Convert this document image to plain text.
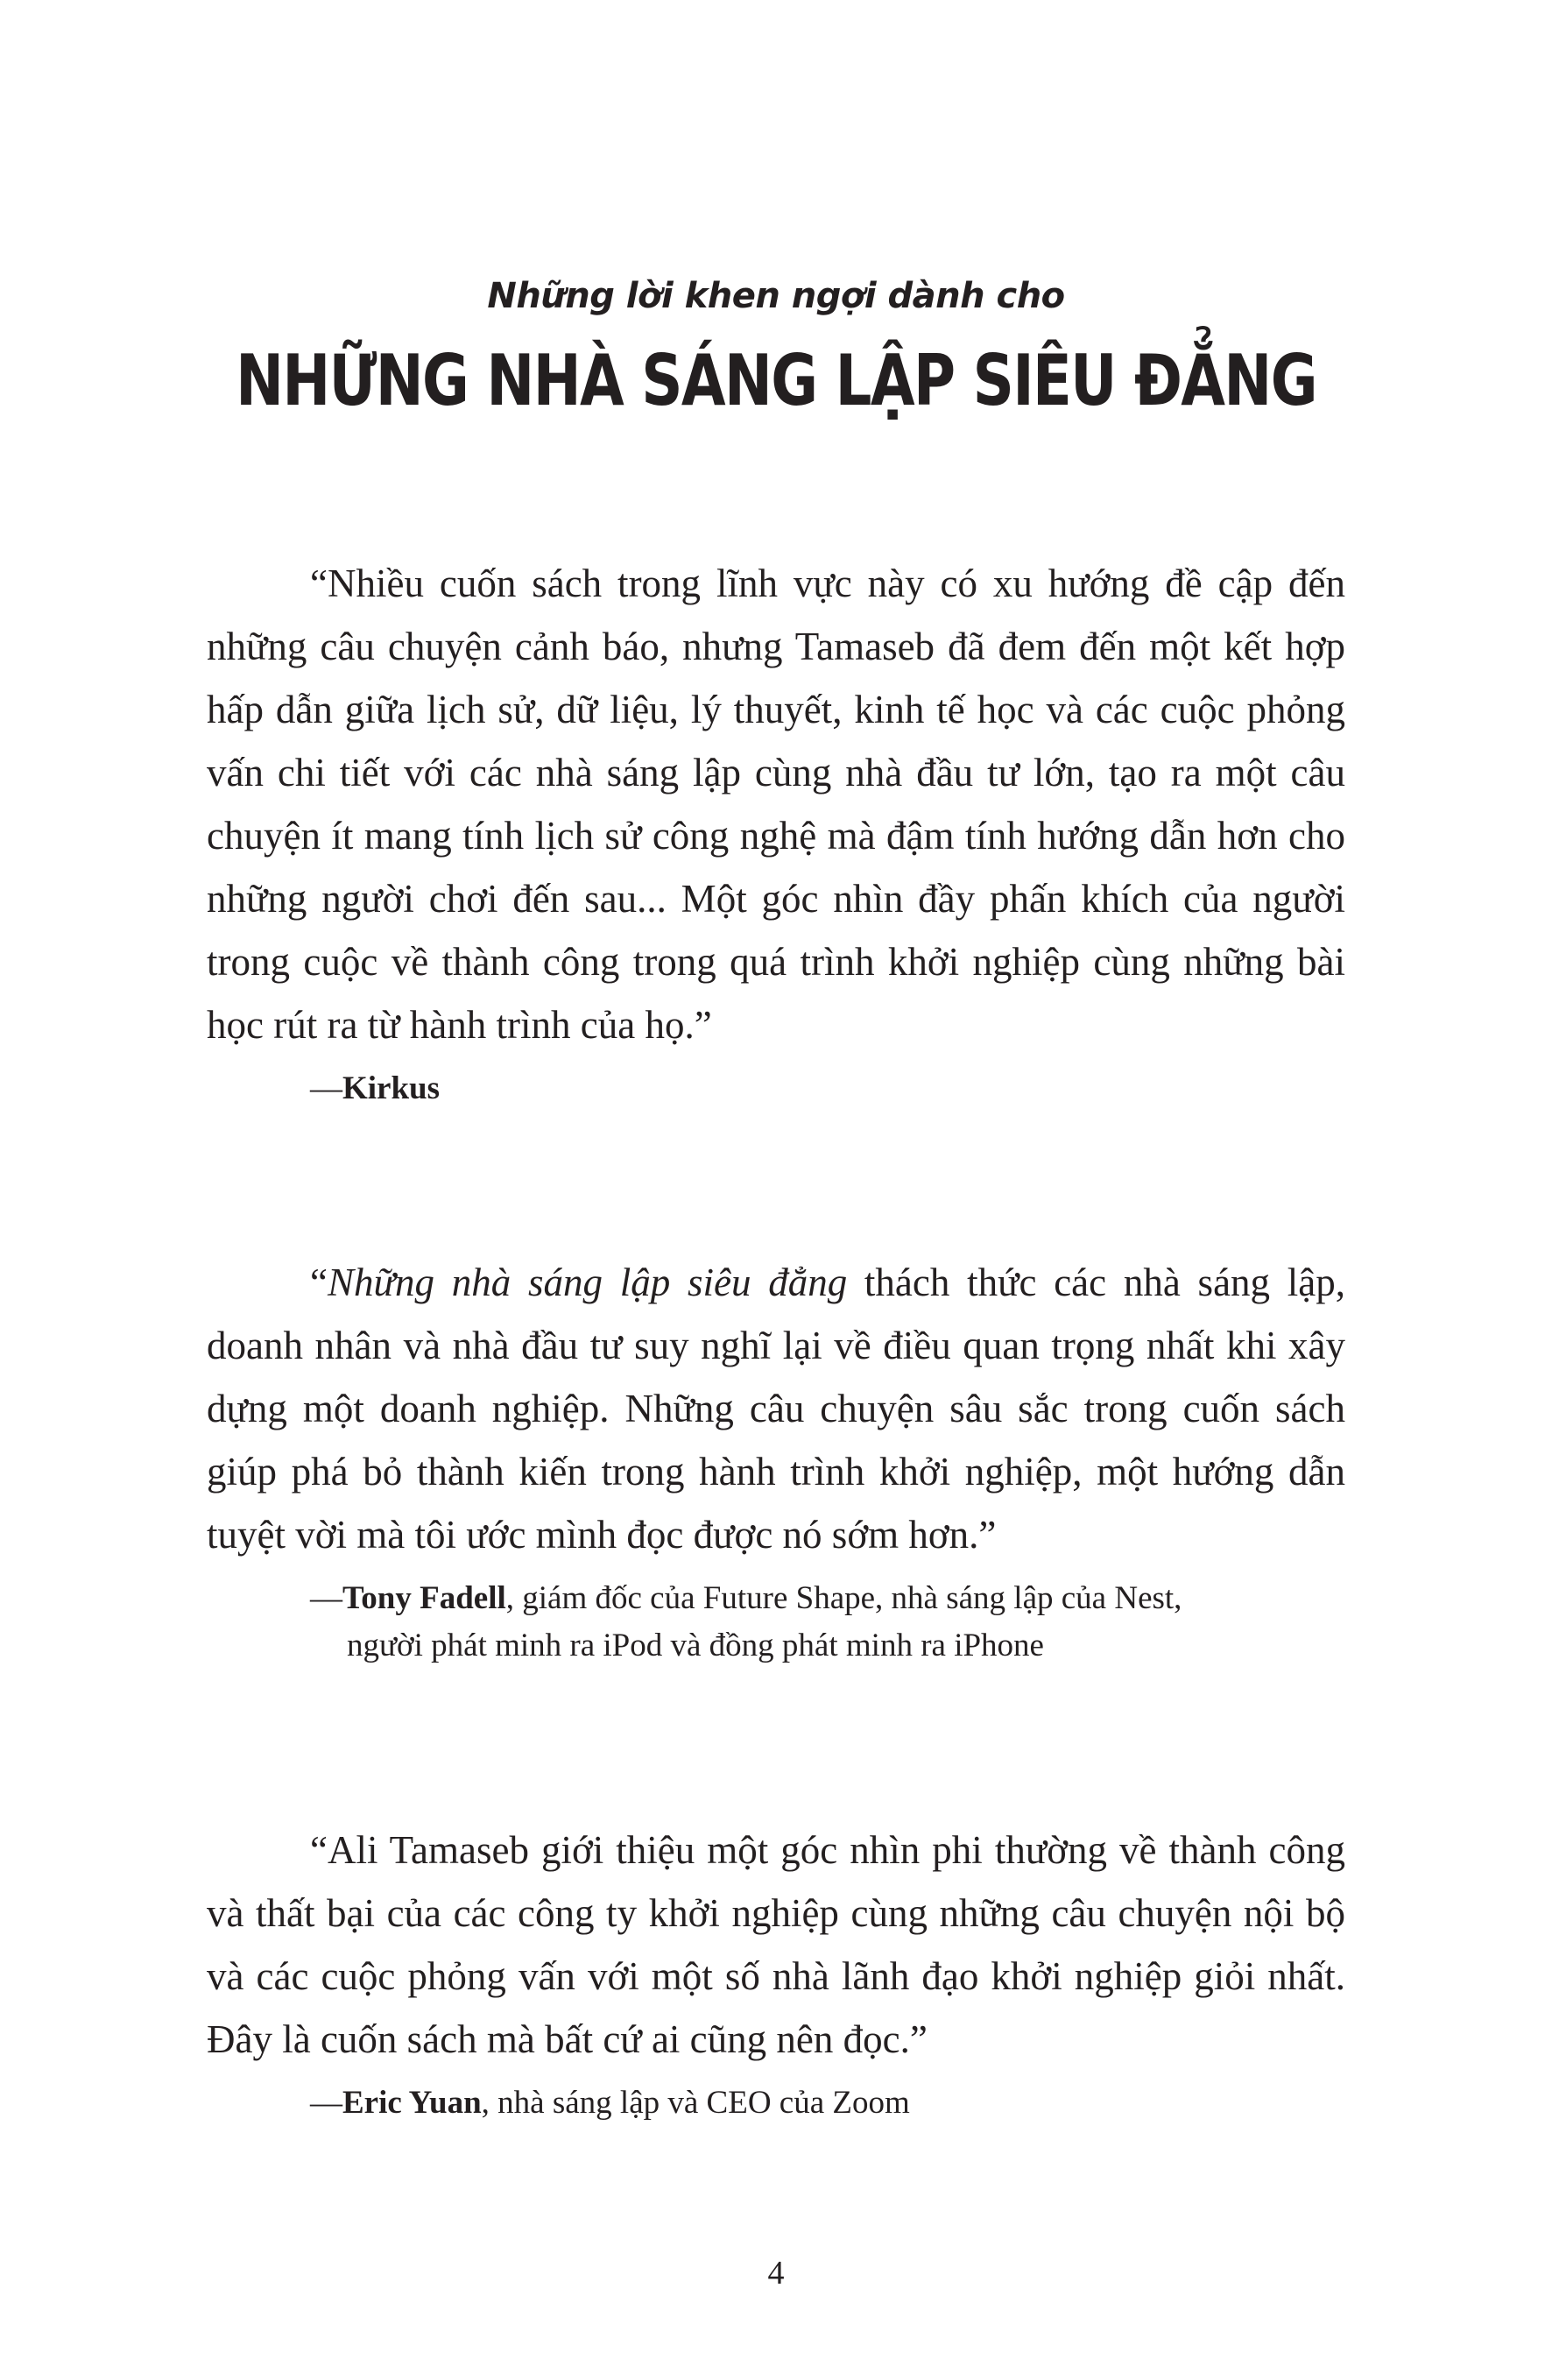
Những lời khen ngợi dành cho
NHỮNG NHÀ SÁNG LẬP SIÊU ĐẲNG

“Nhiều cuốn sách trong lĩnh vực này có xu hướng đề cập đến những câu chuyện cảnh báo, nhưng Tamaseb đã đem đến một kết hợp hấp dẫn giữa lịch sử, dữ liệu, lý thuyết, kinh tế học và các cuộc phỏng vấn chi tiết với các nhà sáng lập cùng nhà đầu tư lớn, tạo ra một câu chuyện ít mang tính lịch sử công nghệ mà đậm tính hướng dẫn hơn cho những người chơi đến sau... Một góc nhìn đầy phấn khích của người trong cuộc về thành công trong quá trình khởi nghiệp cùng những bài học rút ra từ hành trình của họ.”

—Kirkus

“Những nhà sáng lập siêu đẳng thách thức các nhà sáng lập, doanh nhân và nhà đầu tư suy nghĩ lại về điều quan trọng nhất khi xây dựng một doanh nghiệp. Những câu chuyện sâu sắc trong cuốn sách giúp phá bỏ thành kiến trong hành trình khởi nghiệp, một hướng dẫn tuyệt vời mà tôi ước mình đọc được nó sớm hơn.”

—Tony Fadell, giám đốc của Future Shape, nhà sáng lập của Nest,
người phát minh ra iPod và đồng phát minh ra iPhone

“Ali Tamaseb giới thiệu một góc nhìn phi thường về thành công và thất bại của các công ty khởi nghiệp cùng những câu chuyện nội bộ và các cuộc phỏng vấn với một số nhà lãnh đạo khởi nghiệp giỏi nhất. Đây là cuốn sách mà bất cứ ai cũng nên đọc.”

—Eric Yuan, nhà sáng lập và CEO của Zoom
4
